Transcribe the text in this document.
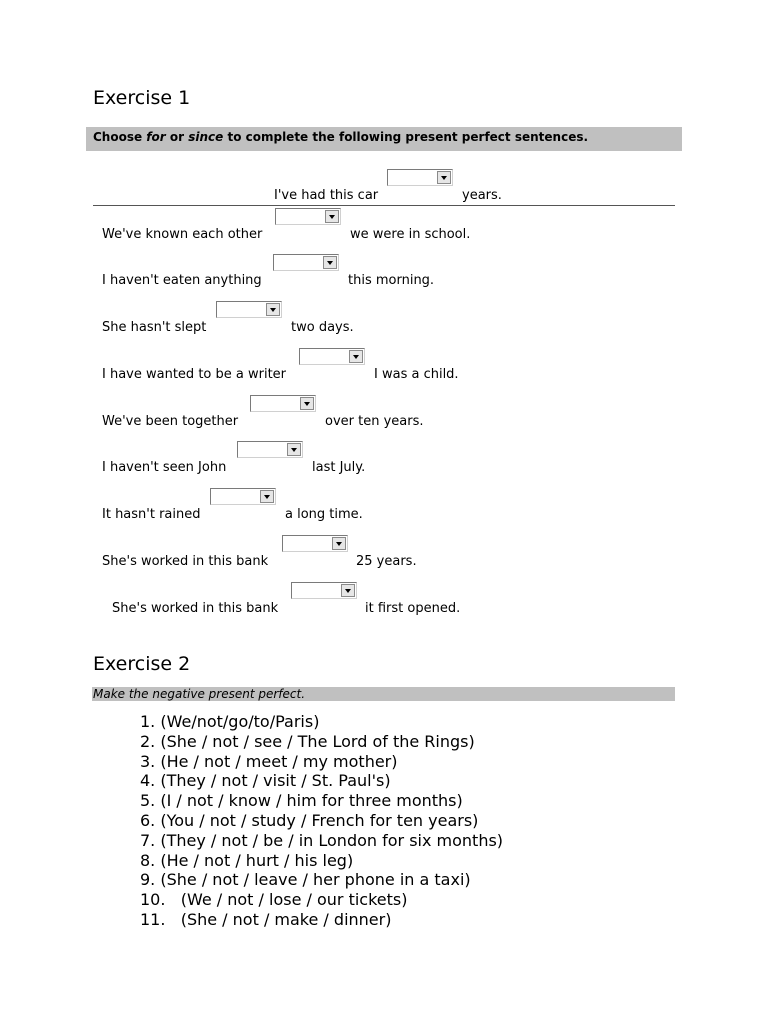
Exercise 1
Choose for or since to complete the following present perfect sentences.
I've had this car	years.
We've known each other	we were in school.
I haven't eaten anything	this morning.
She hasn't slept	two days.
I have wanted to be a writer	I was a child.
We've been together	over ten years.
I haven't seen John	last July.
It hasn't rained	a long time.
She's worked in this bank	25 years.
She's worked in this bank	it first opened.
Exercise 2
Make the negative present perfect.
1. (We/not/go/to/Paris)
2. (She / not / see / The Lord of the Rings)
3. (He / not / meet / my mother)
4. (They / not / visit / St. Paul's)
5. (I / not / know / him for three months)
6. (You / not / study / French for ten years)
7. (They / not / be / in London for six months)
8. (He / not / hurt / his leg)
9. (She / not / leave / her phone in a taxi)
10.   (We / not / lose / our tickets)
11.   (She / not / make / dinner)
